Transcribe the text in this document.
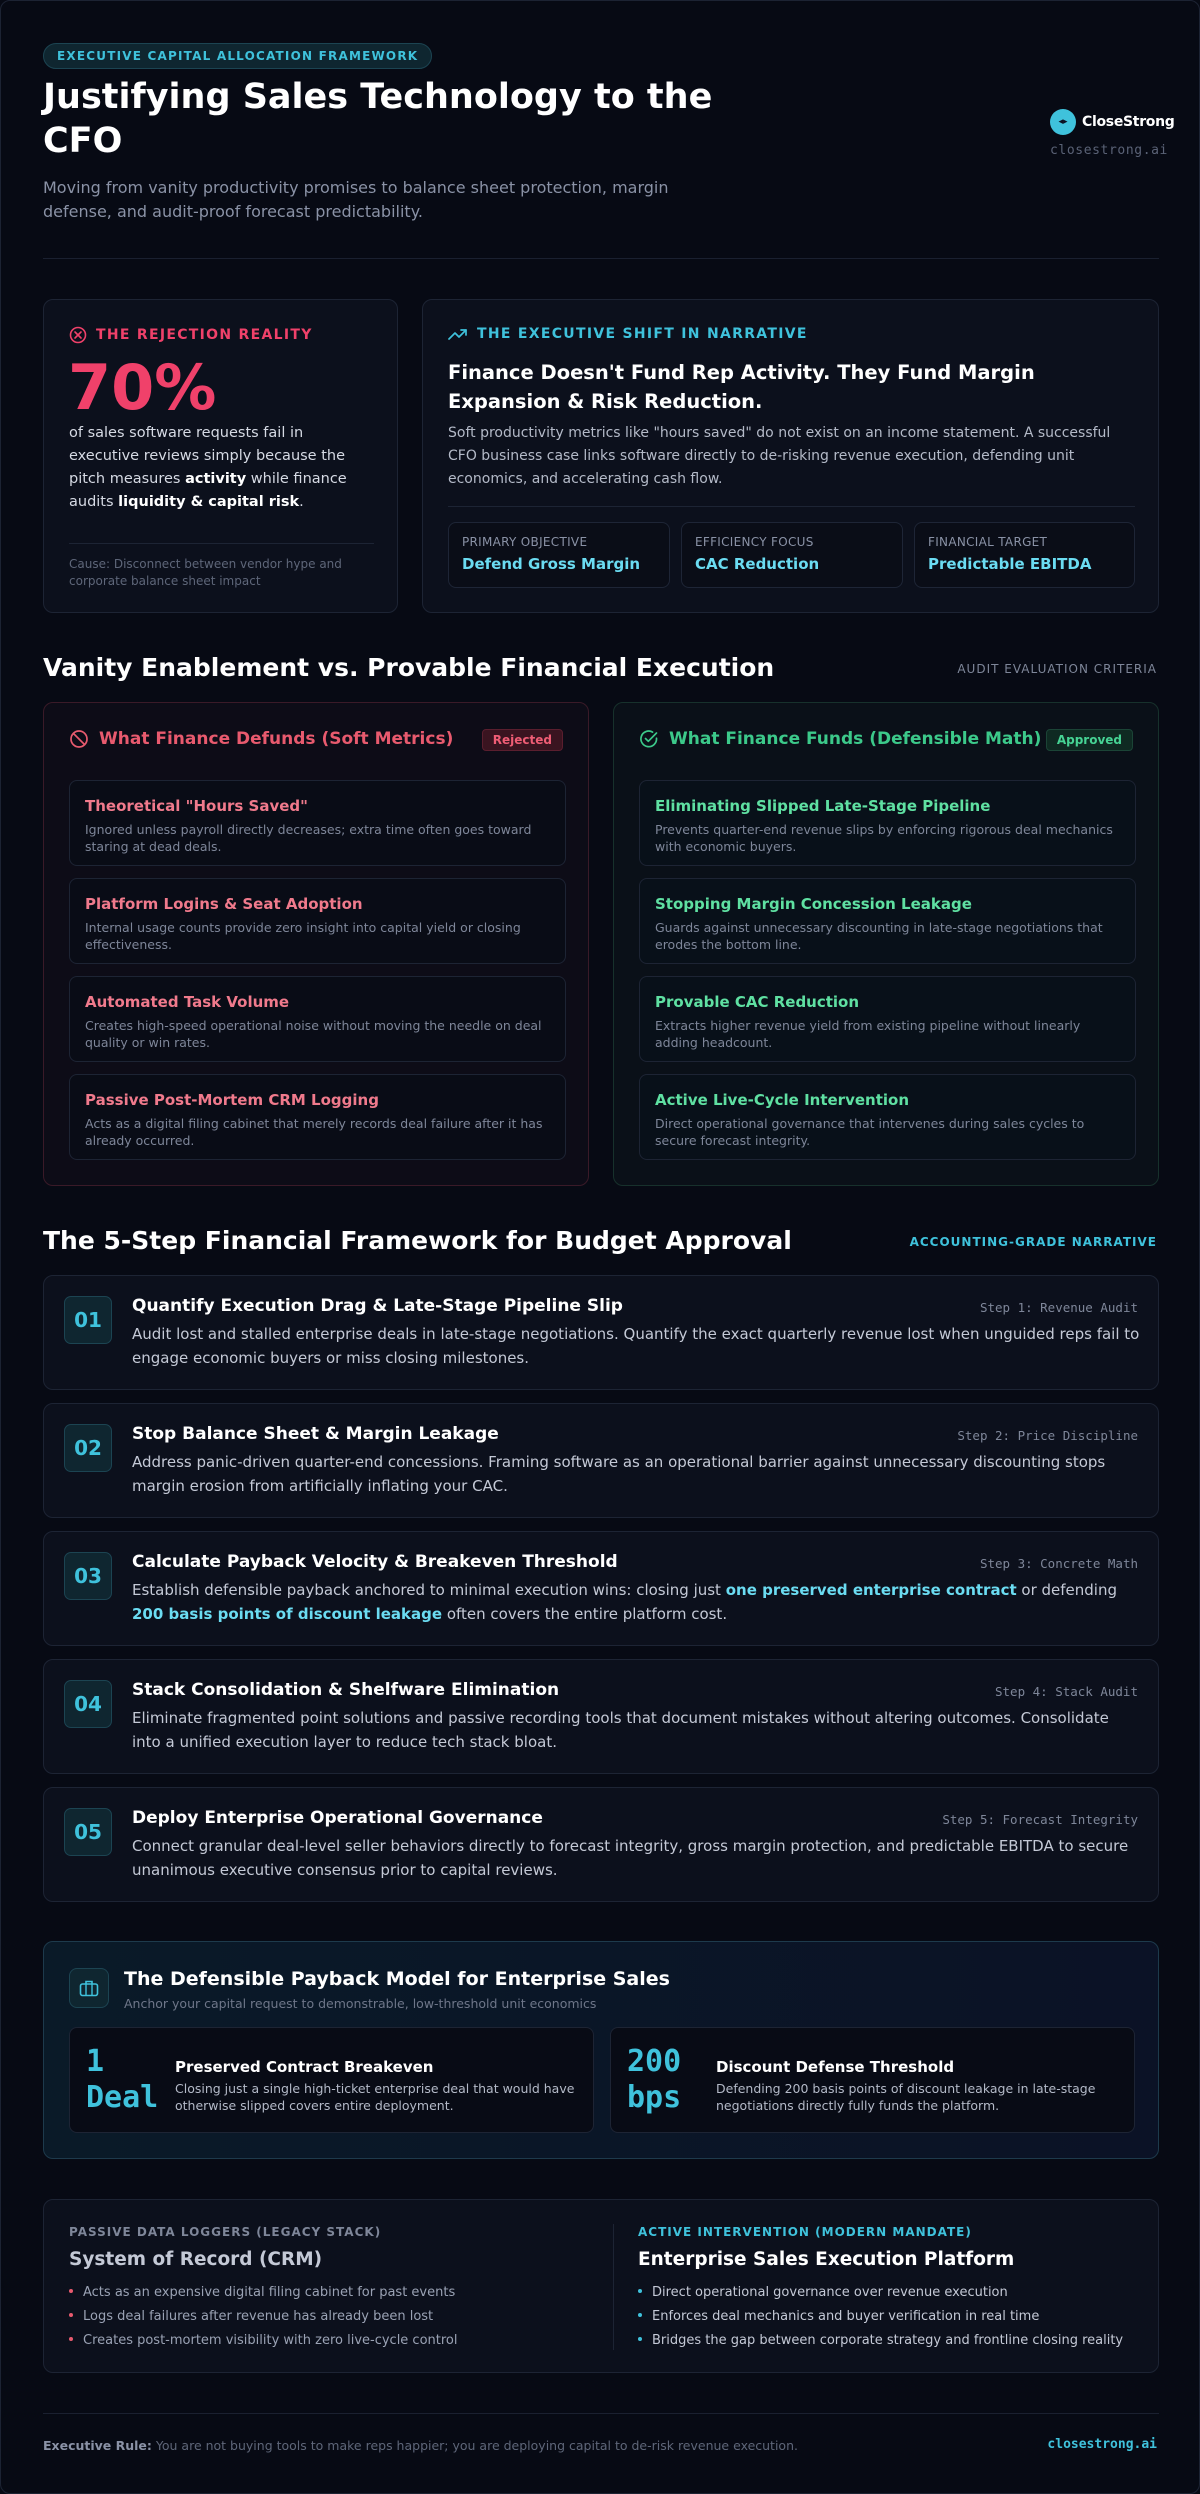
EXECUTIVE CAPITAL ALLOCATION FRAMEWORK
Justifying Sales Technology to the CFO
Moving from vanity productivity promises to balance sheet protection, margin defense, and audit-proof forecast predictability.
◂▸	CloseStrong
closestrong.ai
THE REJECTION REALITY
70%
of sales software requests fail in executive reviews simply because the pitch measures activity while finance audits liquidity & capital risk.
Cause: Disconnect between vendor hype and corporate balance sheet impact
THE EXECUTIVE SHIFT IN NARRATIVE
Finance Doesn't Fund Rep Activity. They Fund Margin Expansion & Risk Reduction.
Soft productivity metrics like "hours saved" do not exist on an income statement. A successful CFO business case links software directly to de-risking revenue execution, defending unit economics, and accelerating cash flow.
PRIMARY OBJECTIVE
Defend Gross Margin
EFFICIENCY FOCUS
CAC Reduction
FINANCIAL TARGET
Predictable EBITDA
Vanity Enablement vs. Provable Financial Execution	AUDIT EVALUATION CRITERIA
What Finance Defunds (Soft Metrics)	Rejected
Theoretical "Hours Saved"
Ignored unless payroll directly decreases; extra time often goes toward staring at dead deals.
Platform Logins & Seat Adoption
Internal usage counts provide zero insight into capital yield or closing effectiveness.
Automated Task Volume
Creates high-speed operational noise without moving the needle on deal quality or win rates.
Passive Post-Mortem CRM Logging
Acts as a digital filing cabinet that merely records deal failure after it has already occurred.
What Finance Funds (Defensible Math)	Approved
Eliminating Slipped Late-Stage Pipeline
Prevents quarter-end revenue slips by enforcing rigorous deal mechanics with economic buyers.
Stopping Margin Concession Leakage
Guards against unnecessary discounting in late-stage negotiations that erodes the bottom line.
Provable CAC Reduction
Extracts higher revenue yield from existing pipeline without linearly adding headcount.
Active Live-Cycle Intervention
Direct operational governance that intervenes during sales cycles to secure forecast integrity.
The 5-Step Financial Framework for Budget Approval	ACCOUNTING-GRADE NARRATIVE
01
Quantify Execution Drag & Late-Stage Pipeline Slip	Step 1: Revenue Audit
Audit lost and stalled enterprise deals in late-stage negotiations. Quantify the exact quarterly revenue lost when unguided reps fail to engage economic buyers or miss closing milestones.
02
Stop Balance Sheet & Margin Leakage	Step 2: Price Discipline
Address panic-driven quarter-end concessions. Framing software as an operational barrier against unnecessary discounting stops margin erosion from artificially inflating your CAC.
03
Calculate Payback Velocity & Breakeven Threshold	Step 3: Concrete Math
Establish defensible payback anchored to minimal execution wins: closing just one preserved enterprise contract or defending 200 basis points of discount leakage often covers the entire platform cost.
04
Stack Consolidation & Shelfware Elimination	Step 4: Stack Audit
Eliminate fragmented point solutions and passive recording tools that document mistakes without altering outcomes. Consolidate into a unified execution layer to reduce tech stack bloat.
05
Deploy Enterprise Operational Governance	Step 5: Forecast Integrity
Connect granular deal-level seller behaviors directly to forecast integrity, gross margin protection, and predictable EBITDA to secure unanimous executive consensus prior to capital reviews.
The Defensible Payback Model for Enterprise Sales
Anchor your capital request to demonstrable, low-threshold unit economics
1 Deal
Preserved Contract Breakeven
Closing just a single high-ticket enterprise deal that would have otherwise slipped covers entire deployment.
200 bps
Discount Defense Threshold
Defending 200 basis points of discount leakage in late-stage negotiations directly fully funds the platform.
PASSIVE DATA LOGGERS (LEGACY STACK)
System of Record (CRM)
Acts as an expensive digital filing cabinet for past events
Logs deal failures after revenue has already been lost
Creates post-mortem visibility with zero live-cycle control
ACTIVE INTERVENTION (MODERN MANDATE)
Enterprise Sales Execution Platform
Direct operational governance over revenue execution
Enforces deal mechanics and buyer verification in real time
Bridges the gap between corporate strategy and frontline closing reality
Executive Rule: You are not buying tools to make reps happier; you are deploying capital to de-risk revenue execution.	closestrong.ai
